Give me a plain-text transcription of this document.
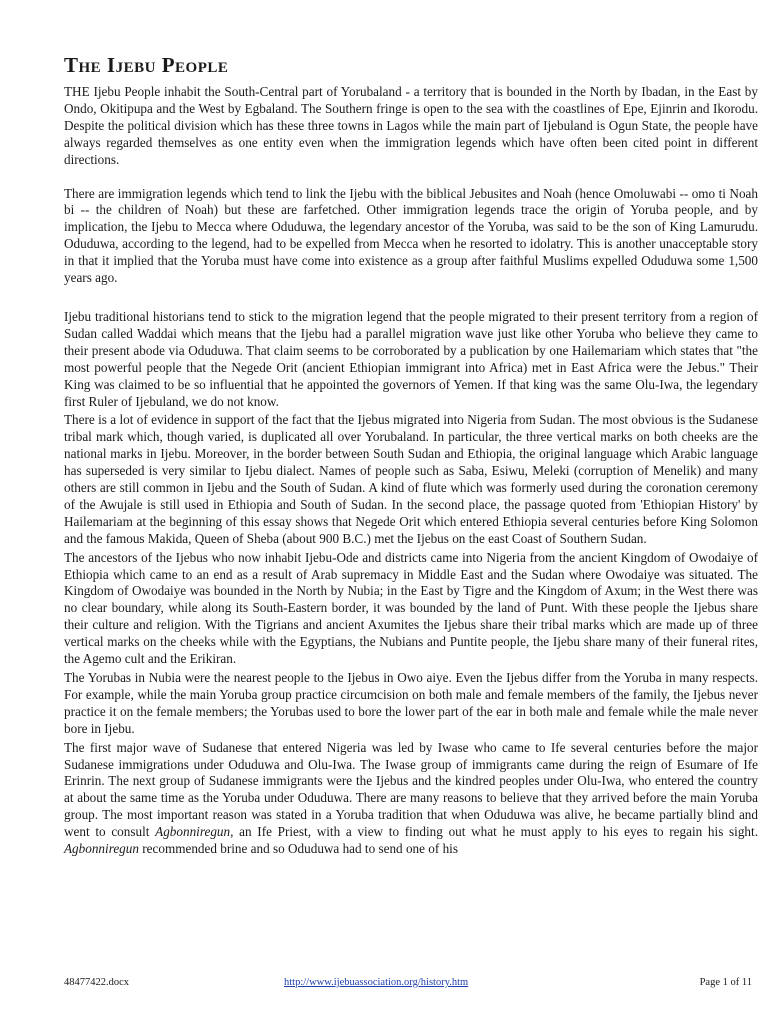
The Ijebu People

THE Ijebu People inhabit the South-Central part of Yorubaland - a territory that is bounded in the North by Ibadan, in the East by Ondo, Okitipupa and the West by Egbaland. The Southern fringe is open to the sea with the coastlines of Epe, Ejinrin and Ikorodu. Despite the political division which has these three towns in Lagos while the main part of Ijebuland is Ogun State, the people have always regarded themselves as one entity even when the immigration legends which have often been cited point in different directions.

There are immigration legends which tend to link the Ijebu with the biblical Jebusites and Noah (hence Omoluwabi -- omo ti Noah bi -- the children of Noah) but these are farfetched. Other immigration legends trace the origin of Yoruba people, and by implication, the Ijebu to Mecca where Oduduwa, the legendary ancestor of the Yoruba, was said to be the son of King Lamurudu. Oduduwa, according to the legend, had to be expelled from Mecca when he resorted to idolatry. This is another unacceptable story in that it implied that the Yoruba must have come into existence as a group after faithful Muslims expelled Oduduwa some 1,500 years ago.

Ijebu traditional historians tend to stick to the migration legend that the people migrated to their present territory from a region of Sudan called Waddai which means that the Ijebu had a parallel migration wave just like other Yoruba who believe they came to their present abode via Oduduwa. That claim seems to be corroborated by a publication by one Hailemariam which states that "the most powerful people that the Negede Orit (ancient Ethiopian immigrant into Africa) met in East Africa were the Jebus." Their King was claimed to be so influential that he appointed the governors of Yemen. If that king was the same Olu-Iwa, the legendary first Ruler of Ijebuland, we do not know.

There is a lot of evidence in support of the fact that the Ijebus migrated into Nigeria from Sudan. The most obvious is the Sudanese tribal mark which, though varied, is duplicated all over Yorubaland. In particular, the three vertical marks on both cheeks are the national marks in Ijebu. Moreover, in the border between South Sudan and Ethiopia, the original language which Arabic language has superseded is very similar to Ijebu dialect. Names of people such as Saba, Esiwu, Meleki (corruption of Menelik) and many others are still common in Ijebu and the South of Sudan. A kind of flute which was formerly used during the coronation ceremony of the Awujale is still used in Ethiopia and South of Sudan. In the second place, the passage quoted from 'Ethiopian History' by Hailemariam at the beginning of this essay shows that Negede Orit which entered Ethiopia several centuries before King Solomon and the famous Makida, Queen of Sheba (about 900 B.C.) met the Ijebus on the east Coast of Southern Sudan.

The ancestors of the Ijebus who now inhabit Ijebu-Ode and districts came into Nigeria from the ancient Kingdom of Owodaiye of Ethiopia which came to an end as a result of Arab supremacy in Middle East and the Sudan where Owodaiye was situated. The Kingdom of Owodaiye was bounded in the North by Nubia; in the East by Tigre and the Kingdom of Axum; in the West there was no clear boundary, while along its South-Eastern border, it was bounded by the land of Punt. With these people the Ijebus share their culture and religion. With the Tigrians and ancient Axumites the Ijebus share their tribal marks which are made up of three vertical marks on the cheeks while with the Egyptians, the Nubians and Puntite people, the Ijebu share many of their funeral rites, the Agemo cult and the Erikiran.

The Yorubas in Nubia were the nearest people to the Ijebus in Owo aiye. Even the Ijebus differ from the Yoruba in many respects. For example, while the main Yoruba group practice circumcision on both male and female members of the family, the Ijebus never practice it on the female members; the Yorubas used to bore the lower part of the ear in both male and female while the male never bore in Ijebu.

The first major wave of Sudanese that entered Nigeria was led by Iwase who came to Ife several centuries before the major Sudanese immigrations under Oduduwa and Olu-Iwa. The Iwase group of immigrants came during the reign of Esumare of Ife Erinrin. The next group of Sudanese immigrants were the Ijebus and the kindred peoples under Olu-Iwa, who entered the country at about the same time as the Yoruba under Oduduwa. There are many reasons to believe that they arrived before the main Yoruba group. The most important reason was stated in a Yoruba tradition that when Oduduwa was alive, he became partially blind and went to consult Agbonniregun, an Ife Priest, with a view to finding out what he must apply to his eyes to regain his sight. Agbonniregun recommended brine and so Oduduwa had to send one of his

48477422.docx	http://www.ijebuassociation.org/history.htm	Page 1 of 11
